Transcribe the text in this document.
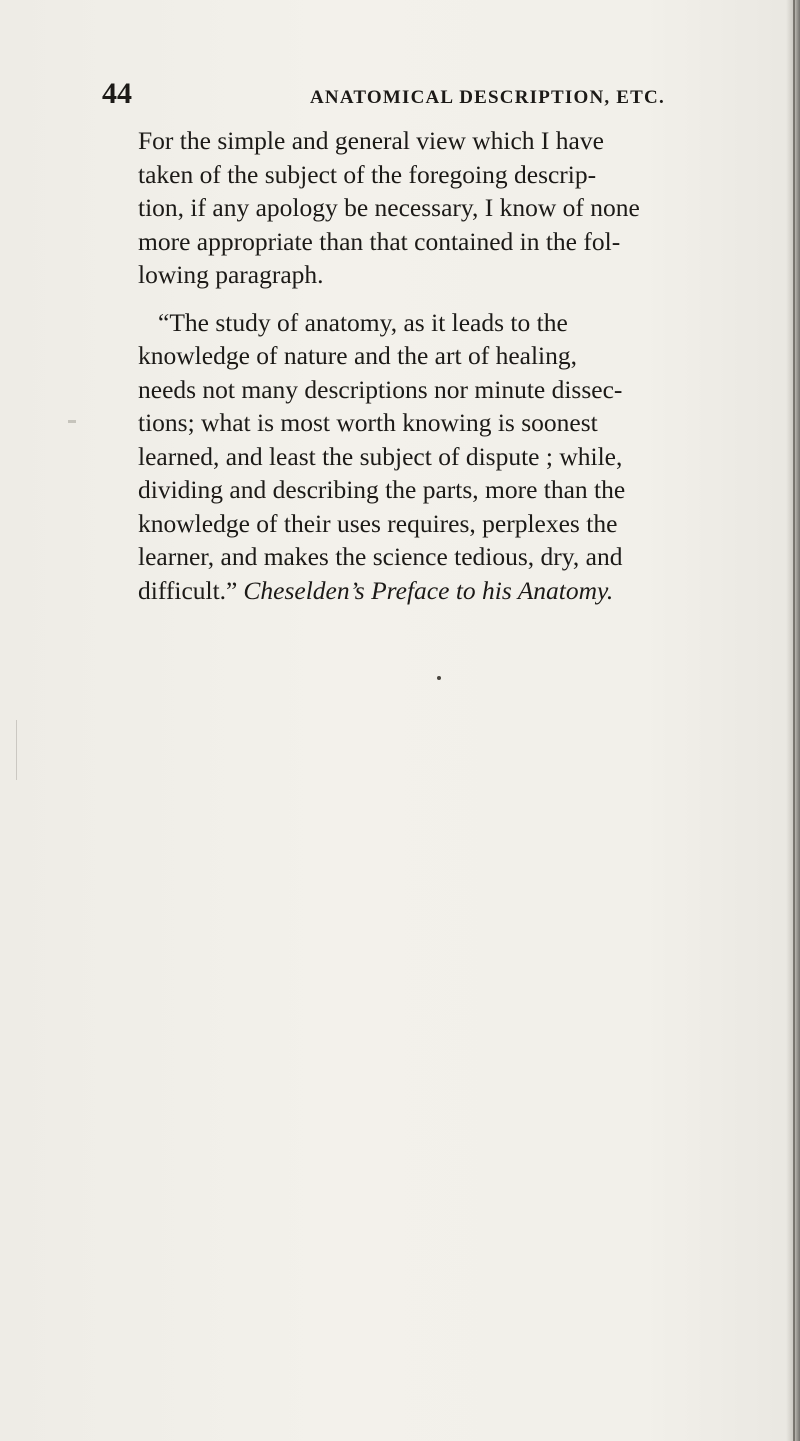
44	ANATOMICAL DESCRIPTION, ETC.
For the simple and general view which I have
taken of the subject of the foregoing descrip-
tion, if any apology be necessary, I know of none
more appropriate than that contained in the fol-
lowing paragraph.
“The study of anatomy, as it leads to the
knowledge of nature and the art of healing,
needs not many descriptions nor minute dissec-
tions; what is most worth knowing is soonest
learned, and least the subject of dispute ; while,
dividing and describing the parts, more than the
knowledge of their uses requires, perplexes the
learner, and makes the science tedious, dry, and
difficult.” Cheselden’s Preface to his Anatomy.
